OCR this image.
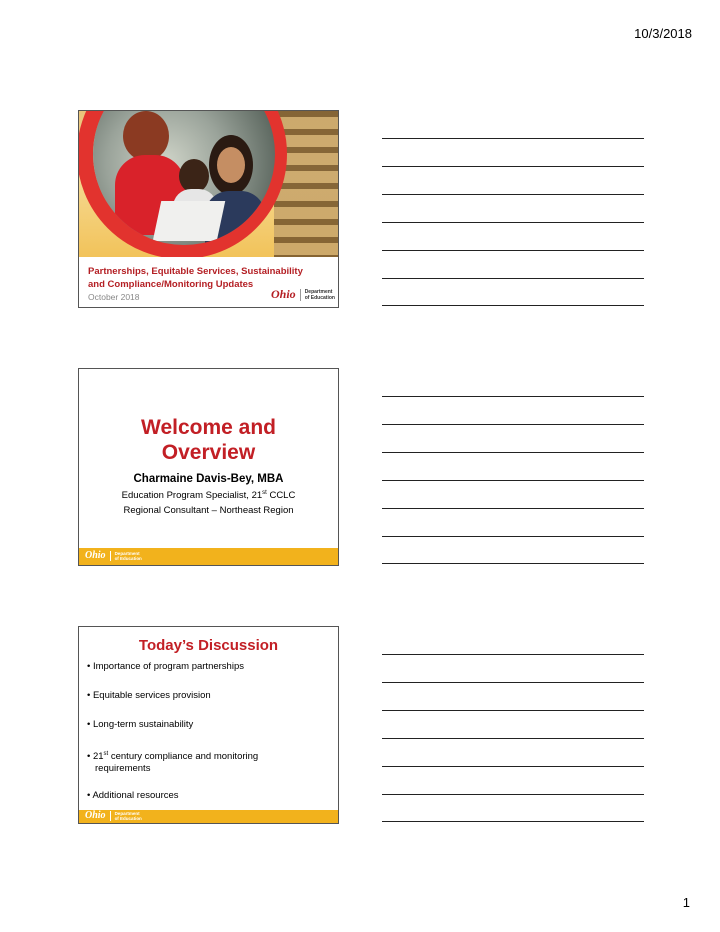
10/3/2018
Partnerships, Equitable Services, Sustainability
and Compliance/Monitoring Updates
October 2018	Ohio Department
of Education
Welcome and
Overview
Charmaine Davis-Bey, MBA
Education Program Specialist, 21st CCLC
Regional Consultant – Northeast Region
Ohio Department
of Education
Today’s Discussion
• Importance of program partnerships
• Equitable services provision
• Long-term sustainability
• 21st century compliance and monitoring
requirements
• Additional resources
Ohio Department
of Education
1
